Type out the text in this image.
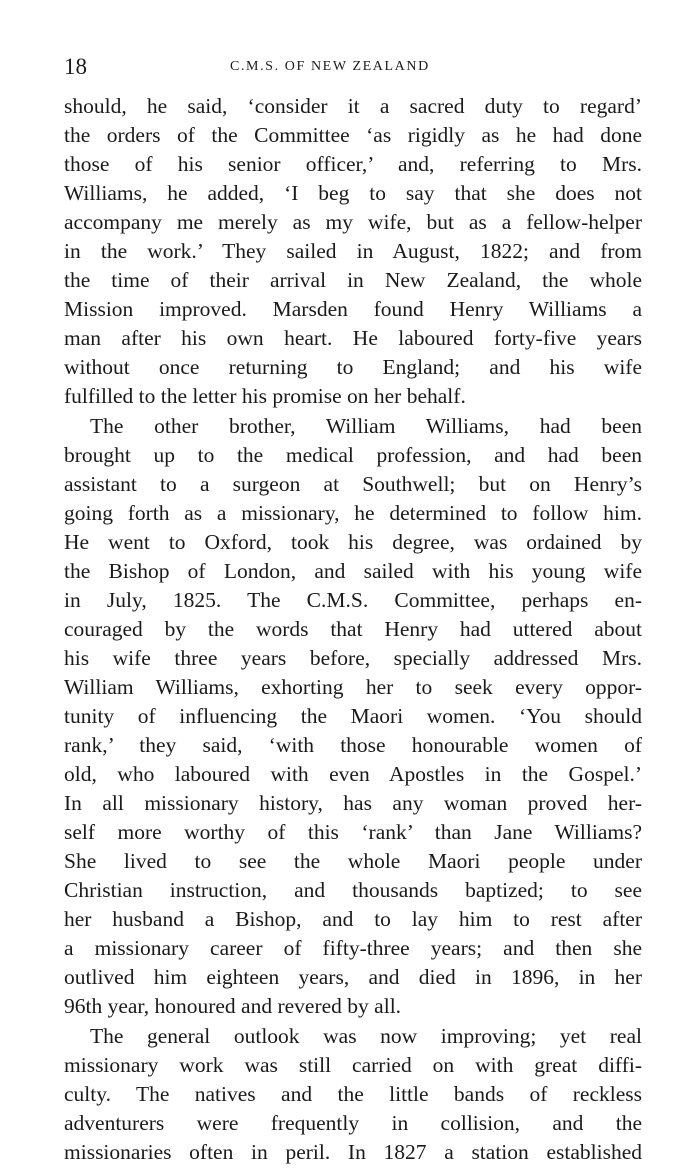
18	C.M.S. OF NEW ZEALAND
should, he said, ‘consider it a sacred duty to regard’
the orders of the Committee ‘as rigidly as he had done
those of his senior officer,’ and, referring to Mrs.
Williams, he added, ‘I beg to say that she does not
accompany me merely as my wife, but as a fellow-helper
in the work.’ They sailed in August, 1822; and from
the time of their arrival in New Zealand, the whole
Mission improved. Marsden found Henry Williams a
man after his own heart. He laboured forty-five years
without once returning to England; and his wife
fulfilled to the letter his promise on her behalf.
The other brother, William Williams, had been
brought up to the medical profession, and had been
assistant to a surgeon at Southwell; but on Henry’s
going forth as a missionary, he determined to follow him.
He went to Oxford, took his degree, was ordained by
the Bishop of London, and sailed with his young wife
in July, 1825. The C.M.S. Committee, perhaps en-
couraged by the words that Henry had uttered about
his wife three years before, specially addressed Mrs.
William Williams, exhorting her to seek every oppor-
tunity of influencing the Maori women. ‘You should
rank,’ they said, ‘with those honourable women of
old, who laboured with even Apostles in the Gospel.’
In all missionary history, has any woman proved her-
self more worthy of this ‘rank’ than Jane Williams?
She lived to see the whole Maori people under
Christian instruction, and thousands baptized; to see
her husband a Bishop, and to lay him to rest after
a missionary career of fifty-three years; and then she
outlived him eighteen years, and died in 1896, in her
96th year, honoured and revered by all.
The general outlook was now improving; yet real
missionary work was still carried on with great diffi-
culty. The natives and the little bands of reckless
adventurers were frequently in collision, and the
missionaries often in peril. In 1827 a station established
